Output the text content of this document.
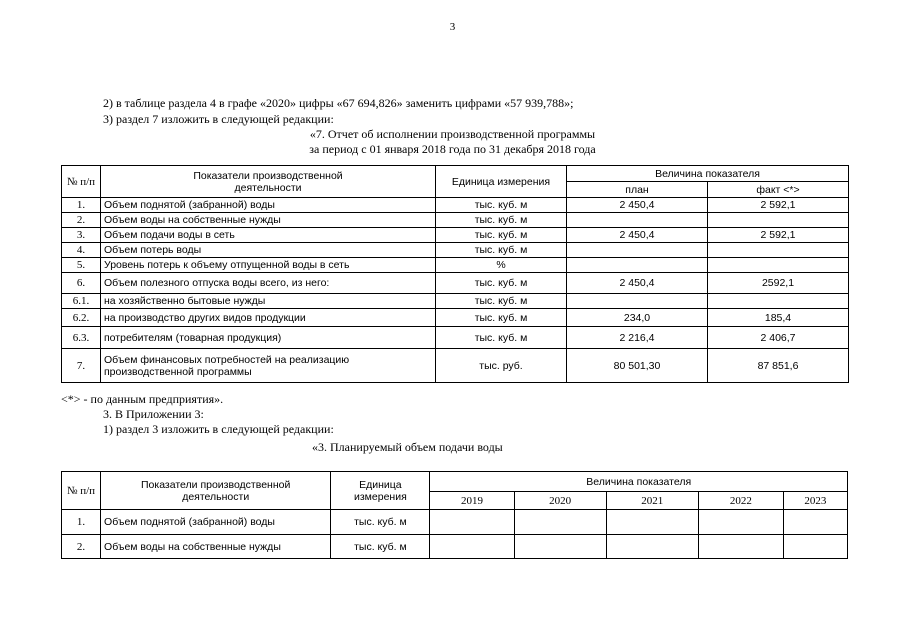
3
2) в таблице раздела 4 в графе «2020» цифры «67 694,826» заменить цифрами «57 939,788»;
3) раздел 7 изложить в следующей редакции:
«7. Отчет об исполнении производственной программы
за период с 01 января 2018 года по 31 декабря 2018 года
№ п/п	Показатели производственной деятельности	Единица измерения	Величина показателя	
			план	факт <*>
1.	Объем поднятой (забранной) воды	тыс. куб. м	2 450,4	2 592,1
2.	Объем воды на собственные нужды	тыс. куб. м		
3.	Объем подачи воды в сеть	тыс. куб. м	2 450,4	2 592,1
4.	Объем потерь воды	тыс. куб. м		
5.	Уровень потерь к объему отпущенной воды в сеть	%		
6.	Объем полезного отпуска воды всего, из него:	тыс. куб. м	2 450,4	2592,1
6.1.	на хозяйственно бытовые нужды	тыс. куб. м		
6.2.	на производство других видов продукции	тыс. куб. м	234,0	185,4
6.3.	потребителям (товарная продукция)	тыс. куб. м	2 216,4	2 406,7
7.	Объем финансовых потребностей на реализацию производственной программы	тыс. руб.	80 501,30	87 851,6
<*> - по данным предприятия».
3. В Приложении 3:
1) раздел 3 изложить в следующей редакции:
«3. Планируемый объем подачи воды
№ п/п	Показатели производственной деятельности	Единица измерения	Величина показателя				
			2019	2020	2021	2022	2023
1.	Объем поднятой (забранной) воды	тыс. куб. м					
2.	Объем воды на собственные нужды	тыс. куб. м					
